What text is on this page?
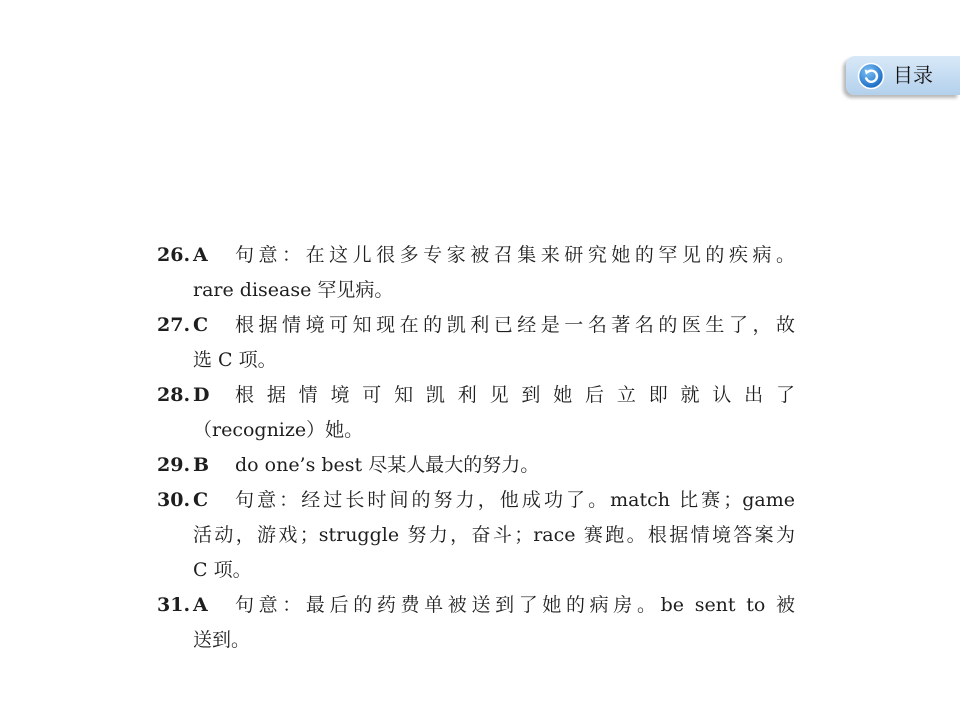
目录
26. A	句意：在这儿很多专家被召集来研究她的罕见的疾病。
rare disease 罕见病。
27. C	根据情境可知现在的凯利已经是一名著名的医生了，故
选 C 项。
28. D	根据情境可知凯利见到她后立即就认出了
（recognize）她。
29. B	do one’s best 尽某人最大的努力。
30. C	句意：经过长时间的努力，他成功了。match 比赛；game
活动，游戏；struggle 努力，奋斗；race 赛跑。根据情境答案为
C 项。
31. A	句意：最后的药费单被送到了她的病房。be sent to 被
送到。
